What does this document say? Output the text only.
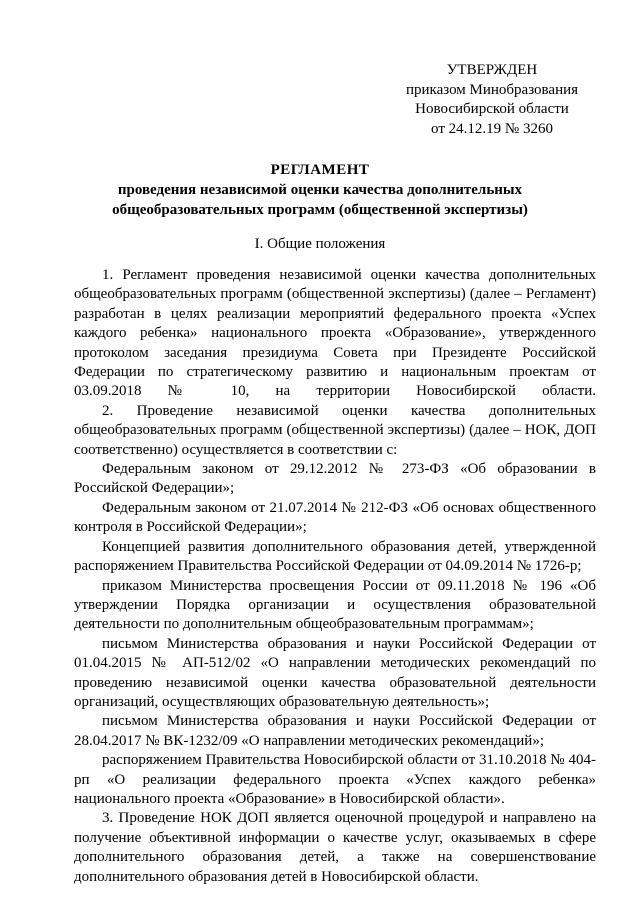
УТВЕРЖДЕН
приказом Минобразования
Новосибирской области
от 24.12.19 № 3260
РЕГЛАМЕНТ
проведения независимой оценки качества дополнительных
общеобразовательных программ (общественной экспертизы)
I. Общие положения

1. Регламент проведения независимой оценки качества дополнительных общеобразовательных программ (общественной экспертизы) (далее – Регламент) разработан в целях реализации мероприятий федерального проекта «Успех каждого ребенка» национального проекта «Образование», утвержденного протоколом заседания президиума Совета при Президенте Российской Федерации по стратегическому развитию и национальным проектам от 03.09.2018 № 10, на территории Новосибирской области.

2. Проведение независимой оценки качества дополнительных общеобразовательных программ (общественной экспертизы) (далее – НОК, ДОП соответственно) осуществляется в соответствии с:

Федеральным законом от 29.12.2012 № 273-ФЗ «Об образовании в Российской Федерации»;

Федеральным законом от 21.07.2014 № 212-ФЗ «Об основах общественного контроля в Российской Федерации»;

Концепцией развития дополнительного образования детей, утвержденной распоряжением Правительства Российской Федерации от 04.09.2014 № 1726-р;

приказом Министерства просвещения России от 09.11.2018 № 196 «Об утверждении Порядка организации и осуществления образовательной деятельности по дополнительным общеобразовательным программам»;

письмом Министерства образования и науки Российской Федерации от 01.04.2015 № АП-512/02 «О направлении методических рекомендаций по проведению независимой оценки качества образовательной деятельности организаций, осуществляющих образовательную деятельность»;

письмом Министерства образования и науки Российской Федерации от 28.04.2017 № ВК-1232/09 «О направлении методических рекомендаций»;

распоряжением Правительства Новосибирской области от 31.10.2018 № 404-рп «О реализации федерального проекта «Успех каждого ребенка» национального проекта «Образование» в Новосибирской области».

3. Проведение НОК ДОП является оценочной процедурой и направлено на получение объективной информации о качестве услуг, оказываемых в сфере дополнительного образования детей, а также на совершенствование дополнительного образования детей в Новосибирской области.
